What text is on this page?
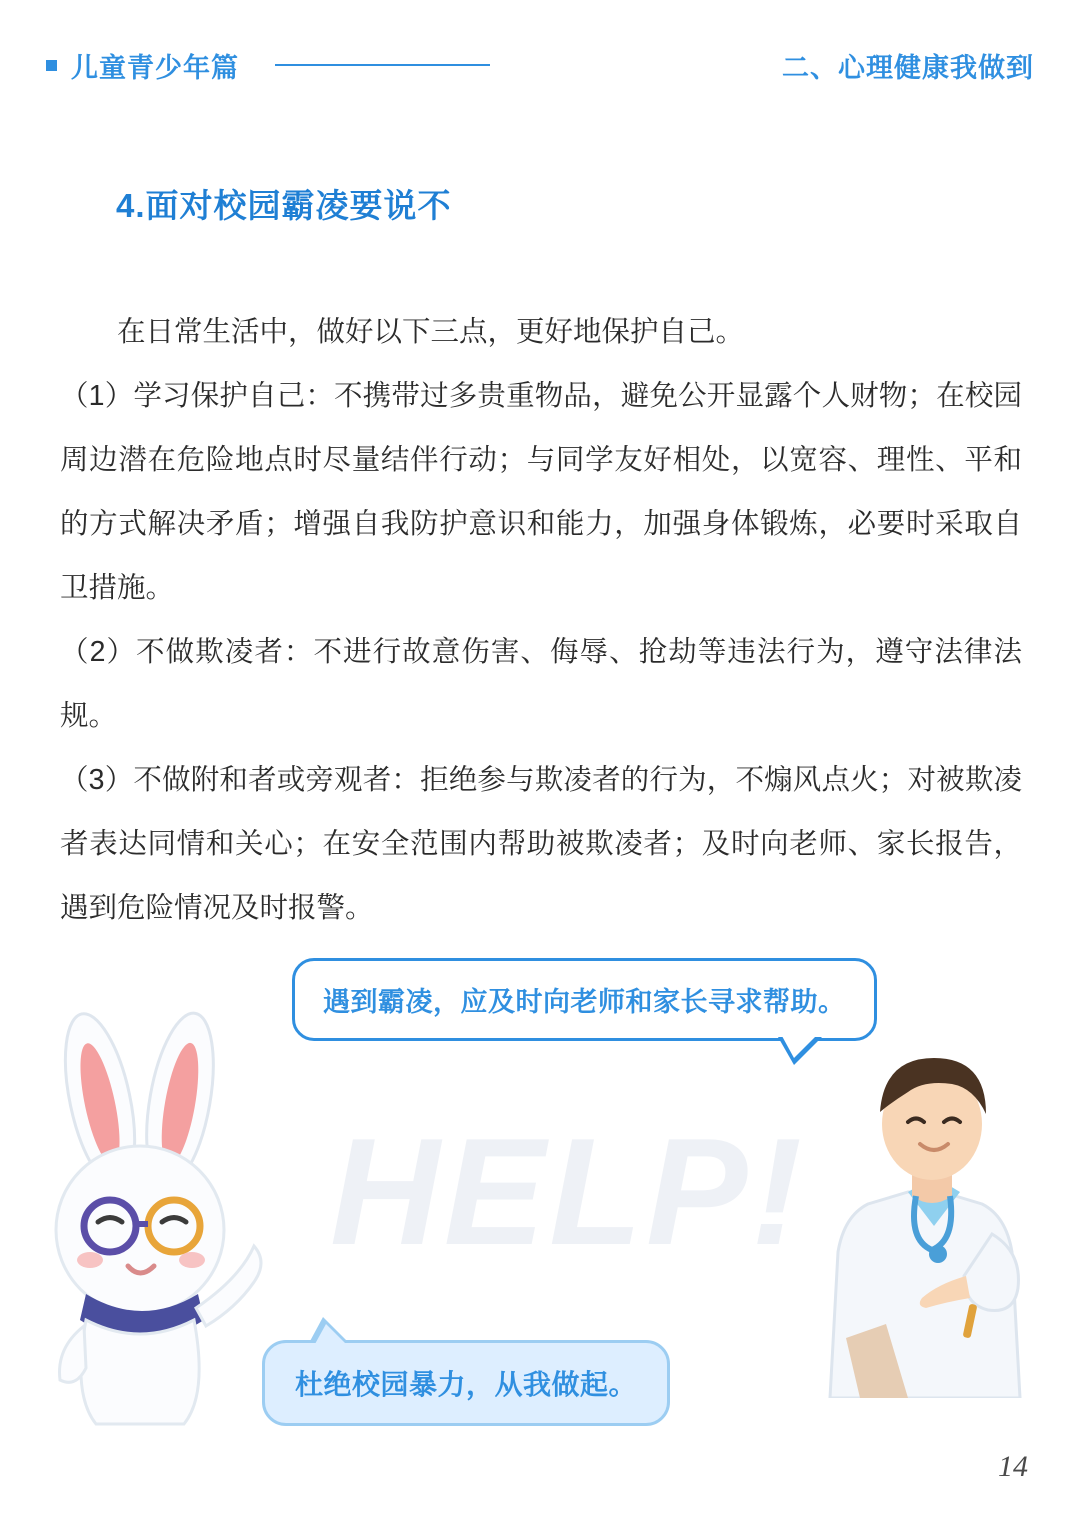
儿童青少年篇	二、心理健康我做到
4.面对校园霸凌要说不

在日常生活中，做好以下三点，更好地保护自己。

（1）学习保护自己：不携带过多贵重物品，避免公开显露个人财物；在校园周边潜在危险地点时尽量结伴行动；与同学友好相处，以宽容、理性、平和的方式解决矛盾；增强自我防护意识和能力，加强身体锻炼，必要时采取自卫措施。

（2）不做欺凌者：不进行故意伤害、侮辱、抢劫等违法行为，遵守法律法规。

（3）不做附和者或旁观者：拒绝参与欺凌者的行为，不煽风点火；对被欺凌者表达同情和关心；在安全范围内帮助被欺凌者；及时向老师、家长报告，遇到危险情况及时报警。

HELP!
遇到霸凌，应及时向老师和家长寻求帮助。
杜绝校园暴力，从我做起。
14
